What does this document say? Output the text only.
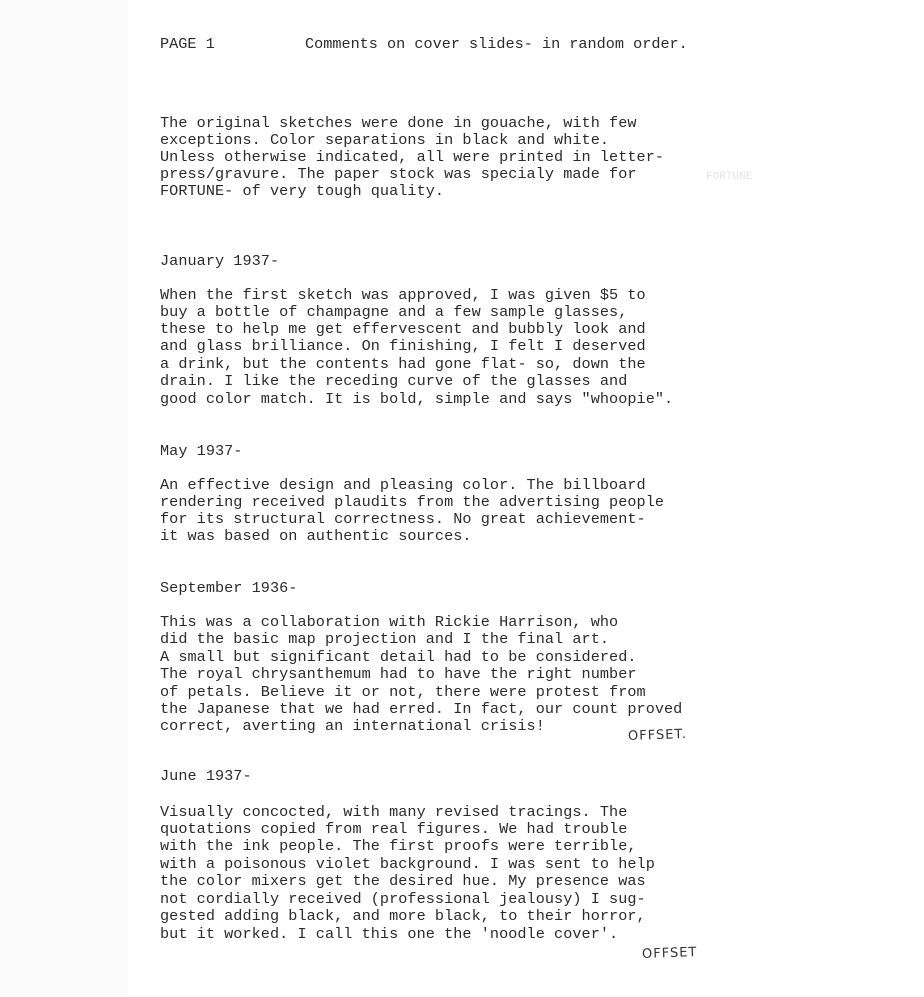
PAGE 1	Comments on cover slides- in random order.
The original sketches were done in gouache, with few
exceptions. Color separations in black and white.
Unless otherwise indicated, all were printed in letter-
press/gravure. The paper stock was specialy made for
FORTUNE- of very tough quality.
FORTUNE
January 1937-
When the first sketch was approved, I was given $5 to
buy a bottle of champagne and a few sample glasses,
these to help me get effervescent and bubbly look and
and glass brilliance. On finishing, I felt I deserved
a drink, but the contents had gone flat- so, down the
drain. I like the receding curve of the glasses and
good color match. It is bold, simple and says "whoopie".
May 1937-
An effective design and pleasing color. The billboard
rendering received plaudits from the advertising people
for its structural correctness. No great achievement-
it was based on authentic sources.
September 1936-
This was a collaboration with Rickie Harrison, who
did the basic map projection and I the final art.
A small but significant detail had to be considered.
The royal chrysanthemum had to have the right number
of petals. Believe it or not, there were protest from
the Japanese that we had erred. In fact, our count proved
correct, averting an international crisis!
OFFSET.
June 1937-
Visually concocted, with many revised tracings. The
quotations copied from real figures. We had trouble
with the ink people. The first proofs were terrible,
with a poisonous violet background. I was sent to help
the color mixers get the desired hue. My presence was
not cordially received (professional jealousy) I sug-
gested adding black, and more black, to their horror,
but it worked. I call this one the 'noodle cover'.
OFFSET
